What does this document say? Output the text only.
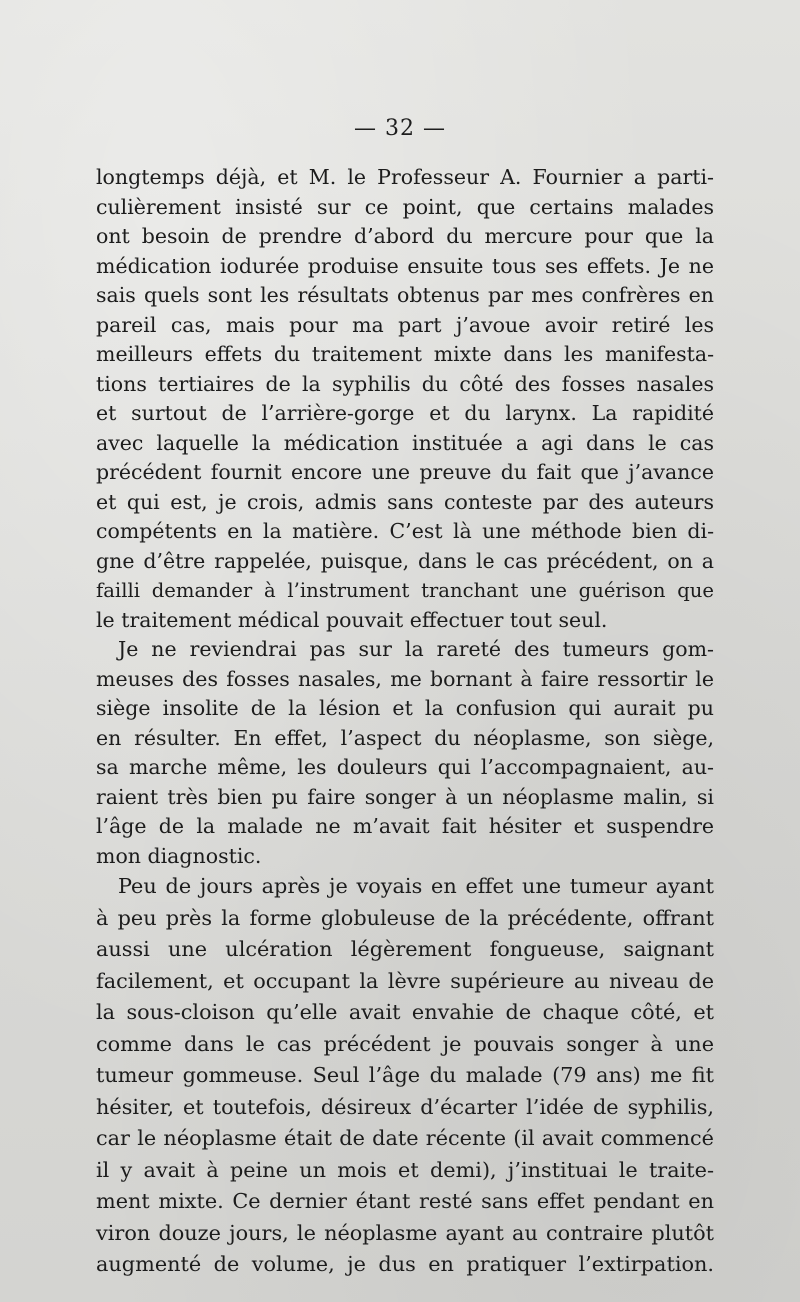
— 32 —
longtemps déjà, et M. le Professeur A. Fournier a parti-
culièrement insisté sur ce point, que certains malades
ont besoin de prendre d’abord du mercure pour que la
médication iodurée produise ensuite tous ses effets. Je ne
sais quels sont les résultats obtenus par mes confrères en
pareil cas, mais pour ma part j’avoue avoir retiré les
meilleurs effets du traitement mixte dans les manifesta-
tions tertiaires de la syphilis du côté des fosses nasales
et surtout de l’arrière-gorge et du larynx. La rapidité
avec laquelle la médication instituée a agi dans le cas
précédent fournit encore une preuve du fait que j’avance
et qui est, je crois, admis sans conteste par des auteurs
compétents en la matière. C’est là une méthode bien di-
gne d’être rappelée, puisque, dans le cas précédent, on a
failli demander à l’instrument tranchant une guérison que
le traitement médical pouvait effectuer tout seul.
Je ne reviendrai pas sur la rareté des tumeurs gom-
meuses des fosses nasales, me bornant à faire ressortir le
siège insolite de la lésion et la confusion qui aurait pu
en résulter. En effet, l’aspect du néoplasme, son siège,
sa marche même, les douleurs qui l’accompagnaient, au-
raient très bien pu faire songer à un néoplasme malin, si
l’âge de la malade ne m’avait fait hésiter et suspendre
mon diagnostic.
Peu de jours après je voyais en effet une tumeur ayant
à peu près la forme globuleuse de la précédente, offrant
aussi une ulcération légèrement fongueuse, saignant
facilement, et occupant la lèvre supérieure au niveau de
la sous-cloison qu’elle avait envahie de chaque côté, et
comme dans le cas précédent je pouvais songer à une
tumeur gommeuse. Seul l’âge du malade (79 ans) me fit
hésiter, et toutefois, désireux d’écarter l’idée de syphilis,
car le néoplasme était de date récente (il avait commencé
il y avait à peine un mois et demi), j’instituai le traite-
ment mixte. Ce dernier étant resté sans effet pendant en
viron douze jours, le néoplasme ayant au contraire plutôt
augmenté de volume, je dus en pratiquer l’extirpation.
